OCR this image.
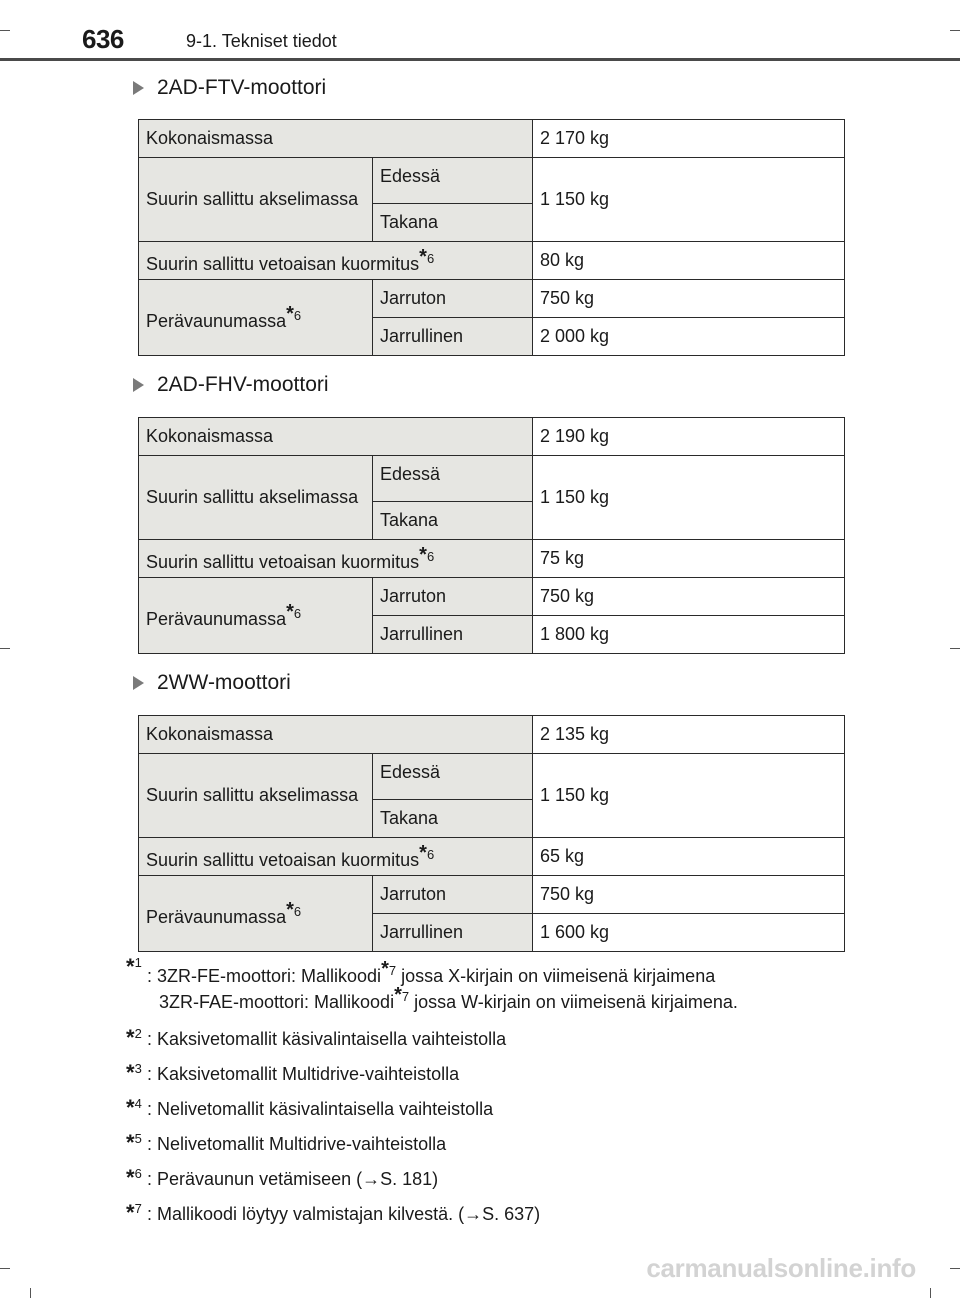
636	9-1. Tekniset tiedot
2AD-FTV-moottori
Kokonaismassa		2 170 kg
Suurin sallittu akselimassa	Edessä	1 150 kg
	Takana	
Suurin sallittu vetoaisan kuormitus$^{*6}$		80 kg
Perävaunumassa$^{*6}$	Jarruton	750 kg
	Jarrullinen	2 000 kg
2AD-FHV-moottori
Kokonaismassa		2 190 kg
Suurin sallittu akselimassa	Edessä	1 150 kg
	Takana	
Suurin sallittu vetoaisan kuormitus$^{*6}$		75 kg
Perävaunumassa$^{*6}$	Jarruton	750 kg
	Jarrullinen	1 800 kg
2WW-moottori
Kokonaismassa		2 135 kg
Suurin sallittu akselimassa	Edessä	1 150 kg
	Takana	
Suurin sallittu vetoaisan kuormitus$^{*6}$		65 kg
Perävaunumassa$^{*6}$	Jarruton	750 kg
	Jarrullinen	1 600 kg
*$^1$
: 3ZR-FE-moottori: Mallikoodi$^{*7}$ jossa X-kirjain on viimeisenä kirjaimena
3ZR-FAE-moottori: Mallikoodi$^{*7}$ jossa W-kirjain on viimeisenä kirjaimena.
*$^2$ : Kaksivetomallit käsivalintaisella vaihteistolla
*$^3$ : Kaksivetomallit Multidrive-vaihteistolla
*$^4$ : Nelivetomallit käsivalintaisella vaihteistolla
*$^5$ : Nelivetomallit Multidrive-vaihteistolla
*$^6$ : Perävaunun vetämiseen (→S. 181)
*$^7$ : Mallikoodi löytyy valmistajan kilvestä. (→S. 637)
carmanualsonline.info
